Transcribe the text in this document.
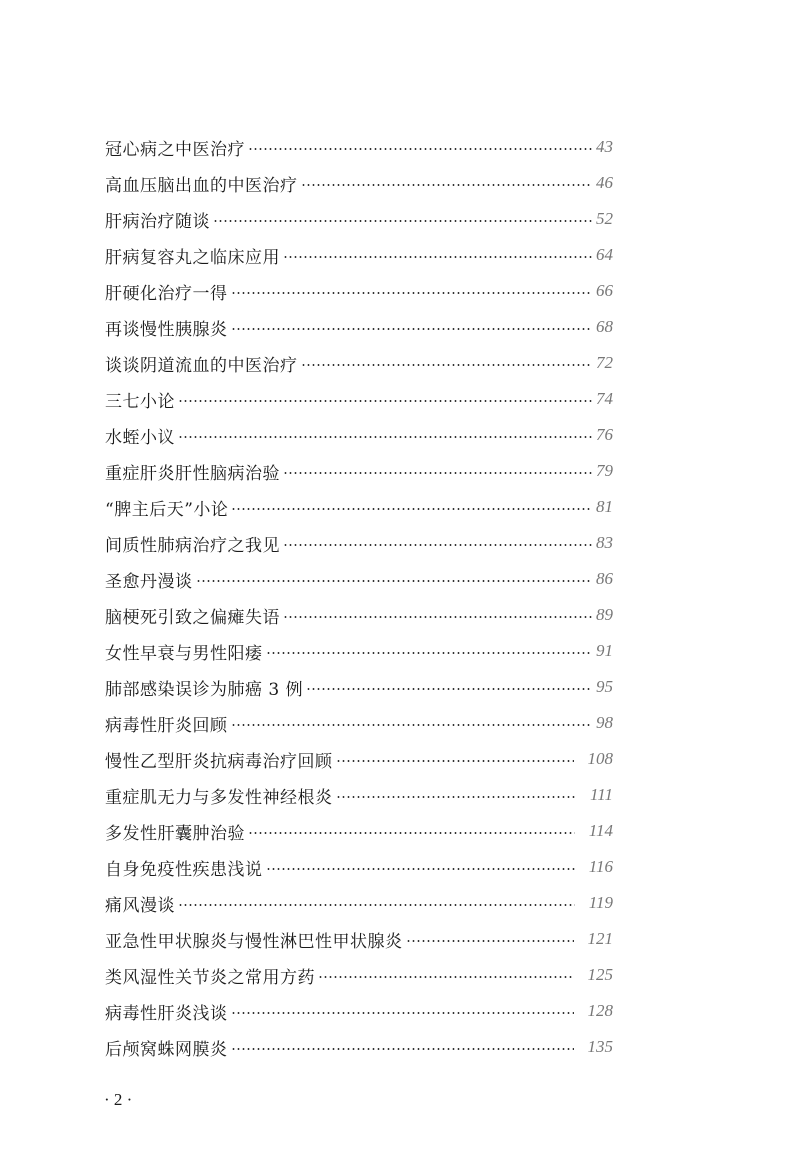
冠心病之中医治疗	43
高血压脑出血的中医治疗	46
肝病治疗随谈	52
肝病复容丸之临床应用	64
肝硬化治疗一得	66
再谈慢性胰腺炎	68
谈谈阴道流血的中医治疗	72
三七小论	74
水蛭小议	76
重症肝炎肝性脑病治验	79
“脾主后天”小论	81
间质性肺病治疗之我见	83
圣愈丹漫谈	86
脑梗死引致之偏瘫失语	89
女性早衰与男性阳痿	91
肺部感染误诊为肺癌 3 例	95
病毒性肝炎回顾	98
慢性乙型肝炎抗病毒治疗回顾	108
重症肌无力与多发性神经根炎	111
多发性肝囊肿治验	114
自身免疫性疾患浅说	116
痛风漫谈	119
亚急性甲状腺炎与慢性淋巴性甲状腺炎	121
类风湿性关节炎之常用方药	125
病毒性肝炎浅谈	128
后颅窝蛛网膜炎	135
· 2 ·
